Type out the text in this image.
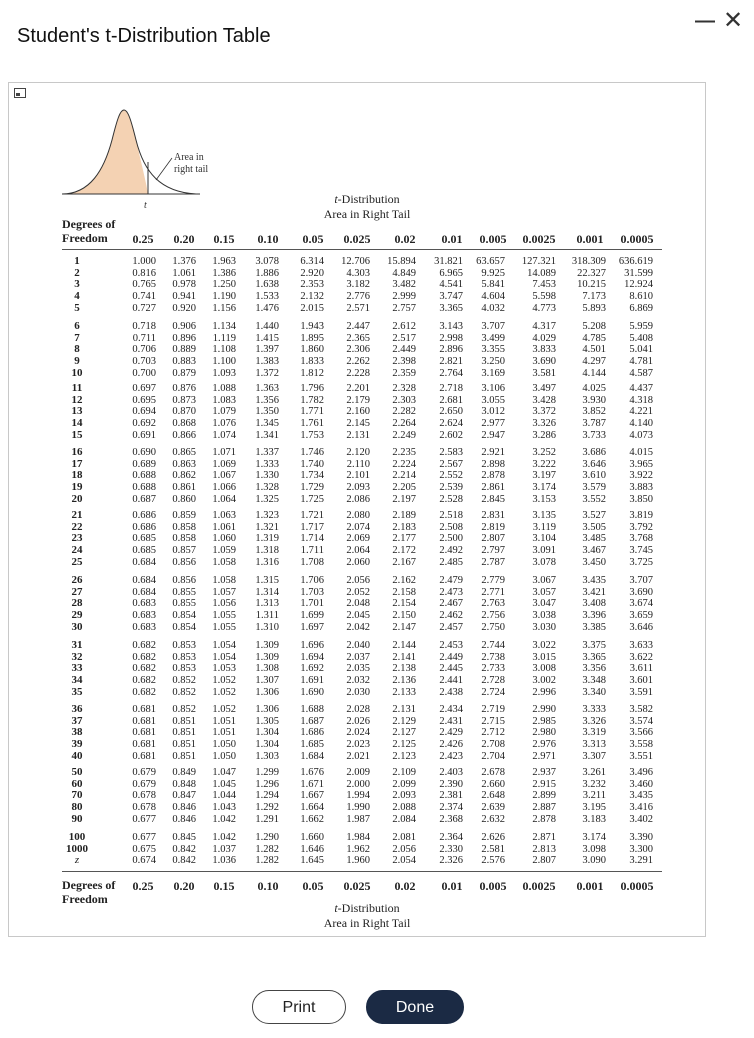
Student's t-Distribution Table
— ✕
Area in
right tail
t	t-Distribution
Area in Right Tail
Degrees of
Freedom	0.25	0.20	0.15	0.10	0.05	0.025	0.02	0.01	0.005	0.0025	0.001	0.0005
1	1.000	1.376	1.963	3.078	6.314	12.706	15.894	31.821	63.657	127.321	318.309	636.619
2	0.816	1.061	1.386	1.886	2.920	4.303	4.849	6.965	9.925	14.089	22.327	31.599
3	0.765	0.978	1.250	1.638	2.353	3.182	3.482	4.541	5.841	7.453	10.215	12.924
4	0.741	0.941	1.190	1.533	2.132	2.776	2.999	3.747	4.604	5.598	7.173	8.610
5	0.727	0.920	1.156	1.476	2.015	2.571	2.757	3.365	4.032	4.773	5.893	6.869
6	0.718	0.906	1.134	1.440	1.943	2.447	2.612	3.143	3.707	4.317	5.208	5.959
7	0.711	0.896	1.119	1.415	1.895	2.365	2.517	2.998	3.499	4.029	4.785	5.408
8	0.706	0.889	1.108	1.397	1.860	2.306	2.449	2.896	3.355	3.833	4.501	5.041
9	0.703	0.883	1.100	1.383	1.833	2.262	2.398	2.821	3.250	3.690	4.297	4.781
10	0.700	0.879	1.093	1.372	1.812	2.228	2.359	2.764	3.169	3.581	4.144	4.587
11	0.697	0.876	1.088	1.363	1.796	2.201	2.328	2.718	3.106	3.497	4.025	4.437
12	0.695	0.873	1.083	1.356	1.782	2.179	2.303	2.681	3.055	3.428	3.930	4.318
13	0.694	0.870	1.079	1.350	1.771	2.160	2.282	2.650	3.012	3.372	3.852	4.221
14	0.692	0.868	1.076	1.345	1.761	2.145	2.264	2.624	2.977	3.326	3.787	4.140
15	0.691	0.866	1.074	1.341	1.753	2.131	2.249	2.602	2.947	3.286	3.733	4.073
16	0.690	0.865	1.071	1.337	1.746	2.120	2.235	2.583	2.921	3.252	3.686	4.015
17	0.689	0.863	1.069	1.333	1.740	2.110	2.224	2.567	2.898	3.222	3.646	3.965
18	0.688	0.862	1.067	1.330	1.734	2.101	2.214	2.552	2.878	3.197	3.610	3.922
19	0.688	0.861	1.066	1.328	1.729	2.093	2.205	2.539	2.861	3.174	3.579	3.883
20	0.687	0.860	1.064	1.325	1.725	2.086	2.197	2.528	2.845	3.153	3.552	3.850
21	0.686	0.859	1.063	1.323	1.721	2.080	2.189	2.518	2.831	3.135	3.527	3.819
22	0.686	0.858	1.061	1.321	1.717	2.074	2.183	2.508	2.819	3.119	3.505	3.792
23	0.685	0.858	1.060	1.319	1.714	2.069	2.177	2.500	2.807	3.104	3.485	3.768
24	0.685	0.857	1.059	1.318	1.711	2.064	2.172	2.492	2.797	3.091	3.467	3.745
25	0.684	0.856	1.058	1.316	1.708	2.060	2.167	2.485	2.787	3.078	3.450	3.725
26	0.684	0.856	1.058	1.315	1.706	2.056	2.162	2.479	2.779	3.067	3.435	3.707
27	0.684	0.855	1.057	1.314	1.703	2.052	2.158	2.473	2.771	3.057	3.421	3.690
28	0.683	0.855	1.056	1.313	1.701	2.048	2.154	2.467	2.763	3.047	3.408	3.674
29	0.683	0.854	1.055	1.311	1.699	2.045	2.150	2.462	2.756	3.038	3.396	3.659
30	0.683	0.854	1.055	1.310	1.697	2.042	2.147	2.457	2.750	3.030	3.385	3.646
31	0.682	0.853	1.054	1.309	1.696	2.040	2.144	2.453	2.744	3.022	3.375	3.633
32	0.682	0.853	1.054	1.309	1.694	2.037	2.141	2.449	2.738	3.015	3.365	3.622
33	0.682	0.853	1.053	1.308	1.692	2.035	2.138	2.445	2.733	3.008	3.356	3.611
34	0.682	0.852	1.052	1.307	1.691	2.032	2.136	2.441	2.728	3.002	3.348	3.601
35	0.682	0.852	1.052	1.306	1.690	2.030	2.133	2.438	2.724	2.996	3.340	3.591
36	0.681	0.852	1.052	1.306	1.688	2.028	2.131	2.434	2.719	2.990	3.333	3.582
37	0.681	0.851	1.051	1.305	1.687	2.026	2.129	2.431	2.715	2.985	3.326	3.574
38	0.681	0.851	1.051	1.304	1.686	2.024	2.127	2.429	2.712	2.980	3.319	3.566
39	0.681	0.851	1.050	1.304	1.685	2.023	2.125	2.426	2.708	2.976	3.313	3.558
40	0.681	0.851	1.050	1.303	1.684	2.021	2.123	2.423	2.704	2.971	3.307	3.551
50	0.679	0.849	1.047	1.299	1.676	2.009	2.109	2.403	2.678	2.937	3.261	3.496
60	0.679	0.848	1.045	1.296	1.671	2.000	2.099	2.390	2.660	2.915	3.232	3.460
70	0.678	0.847	1.044	1.294	1.667	1.994	2.093	2.381	2.648	2.899	3.211	3.435
80	0.678	0.846	1.043	1.292	1.664	1.990	2.088	2.374	2.639	2.887	3.195	3.416
90	0.677	0.846	1.042	1.291	1.662	1.987	2.084	2.368	2.632	2.878	3.183	3.402
100	0.677	0.845	1.042	1.290	1.660	1.984	2.081	2.364	2.626	2.871	3.174	3.390
1000	0.675	0.842	1.037	1.282	1.646	1.962	2.056	2.330	2.581	2.813	3.098	3.300
z	0.674	0.842	1.036	1.282	1.645	1.960	2.054	2.326	2.576	2.807	3.090	3.291
Degrees of
Freedom
0.25	0.20	0.15	0.10	0.05	0.025	0.02	0.01	0.005	0.0025	0.001	0.0005
t-Distribution
Area in Right Tail
Print	Done
